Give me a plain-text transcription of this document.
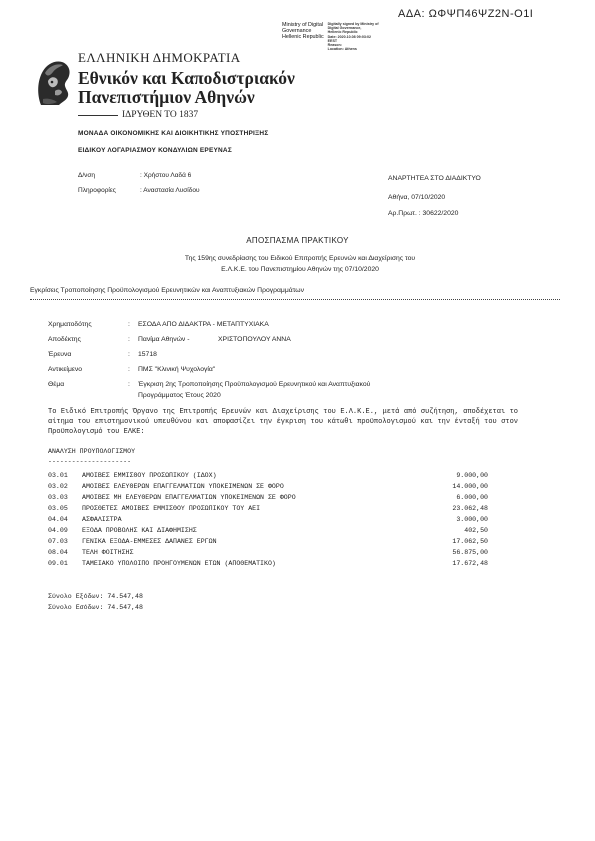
ΑΔΑ: ΩΦΨΠ46ΨΖ2Ν-Ο1Ι
Ministry of Digital
Governance
Hellenic Republic
Digitally signed by Ministry of
Digital Governance,
Hellenic Republic
Date: 2020.10.08 09:03:02
EEST
Reason:
Location: Athens
ΕΛΛΗΝΙΚΗ ΔΗΜΟΚΡΑΤΙΑ
Εθνικόν και Καποδιστριακόν
Πανεπιστήμιον Αθηνών
ΙΔΡΥΘΕΝ ΤΟ 1837
ΜΟΝΑΔΑ ΟΙΚΟΝΟΜΙΚΗΣ ΚΑΙ ΔΙΟΙΚΗΤΙΚΗΣ ΥΠΟΣΤΗΡΙΞΗΣ
ΕΙΔΙΚΟΥ ΛΟΓΑΡΙΑΣΜΟΥ ΚΟΝΔΥΛΙΩΝ ΕΡΕΥΝΑΣ
Δ/νση	: Χρήστου Λαδά 6
Πληροφορίες	: Αναστασία Λυσίδου
ΑΝΑΡΤΗΤΕΑ ΣΤΟ ΔΙΑΔΙΚΤΥΟ
Αθήνα, 07/10/2020
Αρ.Πρωτ. : 30622/2020
ΑΠΟΣΠΑΣΜΑ ΠΡΑΚΤΙΚΟΥ
Της 159ης συνεδρίασης του Ειδικού Επιτροπής Ερευνών και Διαχείρισης του
Ε.Λ.Κ.Ε. του Πανεπιστημίου Αθηνών της 07/10/2020
Εγκρίσεις Τροποποίησης Προϋπολογισμού Ερευνητικών και Αναπτυξιακών Προγραμμάτων
Χρηματοδότης	: ΕΣΟΔΑ ΑΠΟ ΔΙΔΑΚΤΡΑ - ΜΕΤΑΠΤΥΧΙΑΚΑ
Αποδέκτης	: Πανίμα Αθηνών -	ΧΡΙΣΤΟΠΟΥΛΟΥ ΑΝΝΑ
Έρευνα	: 15718
Αντικείμενο	: ΠΜΣ "Κλινική Ψυχολογία"
Θέμα	: Έγκριση 2ης Τροποποίησης Προϋπολογισμού Ερευνητικού και Αναπτυξιακού
Προγράμματος Έτους 2020
Το Ειδικό Επιτροπής Όργανο της Επιτροπής Ερευνών και Διαχείρισης του Ε.Λ.Κ.Ε., μετά από συζήτηση, αποδέχεται το αίτημα του επιστημονικού υπευθύνου και αποφασίζει την έγκριση του κάτωθι προϋπολογισμού και την ένταξή του στον Προϋπολογισμό του ΕΛΚΕ:
ΑΝΑΛΥΣΗ ΠΡΟΥΠΟΛΟΓΙΣΜΟΥ
---------------------
03.01 ΑΜΟΙΒΕΣ ΕΜΜΙΣΘΟΥ ΠΡΟΣΩΠΙΚΟΥ (ΙΔΟΧ)	9.000,00
03.02 ΑΜΟΙΒΕΣ ΕΛΕΥΘΕΡΩΝ ΕΠΑΓΓΕΛΜΑΤΙΩΝ ΥΠΟΚΕΙΜΕΝΩΝ ΣΕ ΦΟΡΟ	14.000,00
03.03 ΑΜΟΙΒΕΣ ΜΗ ΕΛΕΥΘΕΡΩΝ ΕΠΑΓΓΕΛΜΑΤΙΩΝ ΥΠΟΚΕΙΜΕΝΩΝ ΣΕ ΦΟΡΟ	6.000,00
03.05 ΠΡΟΣΘΕΤΕΣ ΑΜΟΙΒΕΣ ΕΜΜΙΣΘΟΥ ΠΡΟΣΩΠΙΚΟΥ ΤΟΥ ΑΕΙ	23.062,48
04.04 ΑΣΦΑΛΙΣΤΡΑ	3.000,00
04.09 ΕΞΟΔΑ ΠΡΟΒΟΛΗΣ ΚΑΙ ΔΙΑΦΗΜΙΣΗΣ	402,50
07.03 ΓΕΝΙΚΑ ΕΞΟΔΑ-ΕΜΜΕΣΕΣ ΔΑΠΑΝΕΣ ΕΡΓΩΝ	17.062,50
08.04 ΤΕΛΗ ΦΟΙΤΗΣΗΣ	56.875,00
09.01 ΤΑΜΕΙΑΚΟ ΥΠΟΛΟΙΠΟ ΠΡΟΗΓΟΥΜΕΝΩΝ ΕΤΩΝ (ΑΠΟΘΕΜΑΤΙΚΟ)	17.672,48
Σύνολο Εξόδων: 74.547,48
Σύνολο Εσόδων: 74.547,48
